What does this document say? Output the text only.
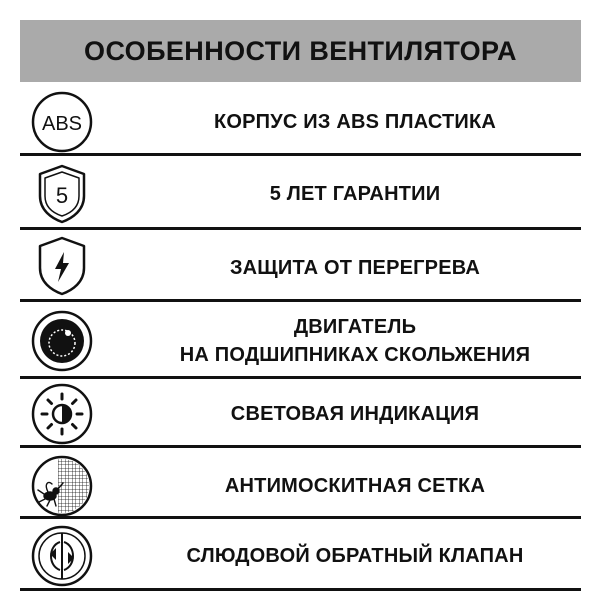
ОСОБЕННОСТИ ВЕНТИЛЯТОРА
ABS	КОРПУС ИЗ ABS ПЛАСТИКА
5	5 ЛЕТ ГАРАНТИИ
ЗАЩИТА ОТ ПЕРЕГРЕВА
ДВИГАТЕЛЬ
НА ПОДШИПНИКАХ СКОЛЬЖЕНИЯ
СВЕТОВАЯ ИНДИКАЦИЯ
АНТИМОСКИТНАЯ СЕТКА
СЛЮДОВОЙ ОБРАТНЫЙ КЛАПАН
